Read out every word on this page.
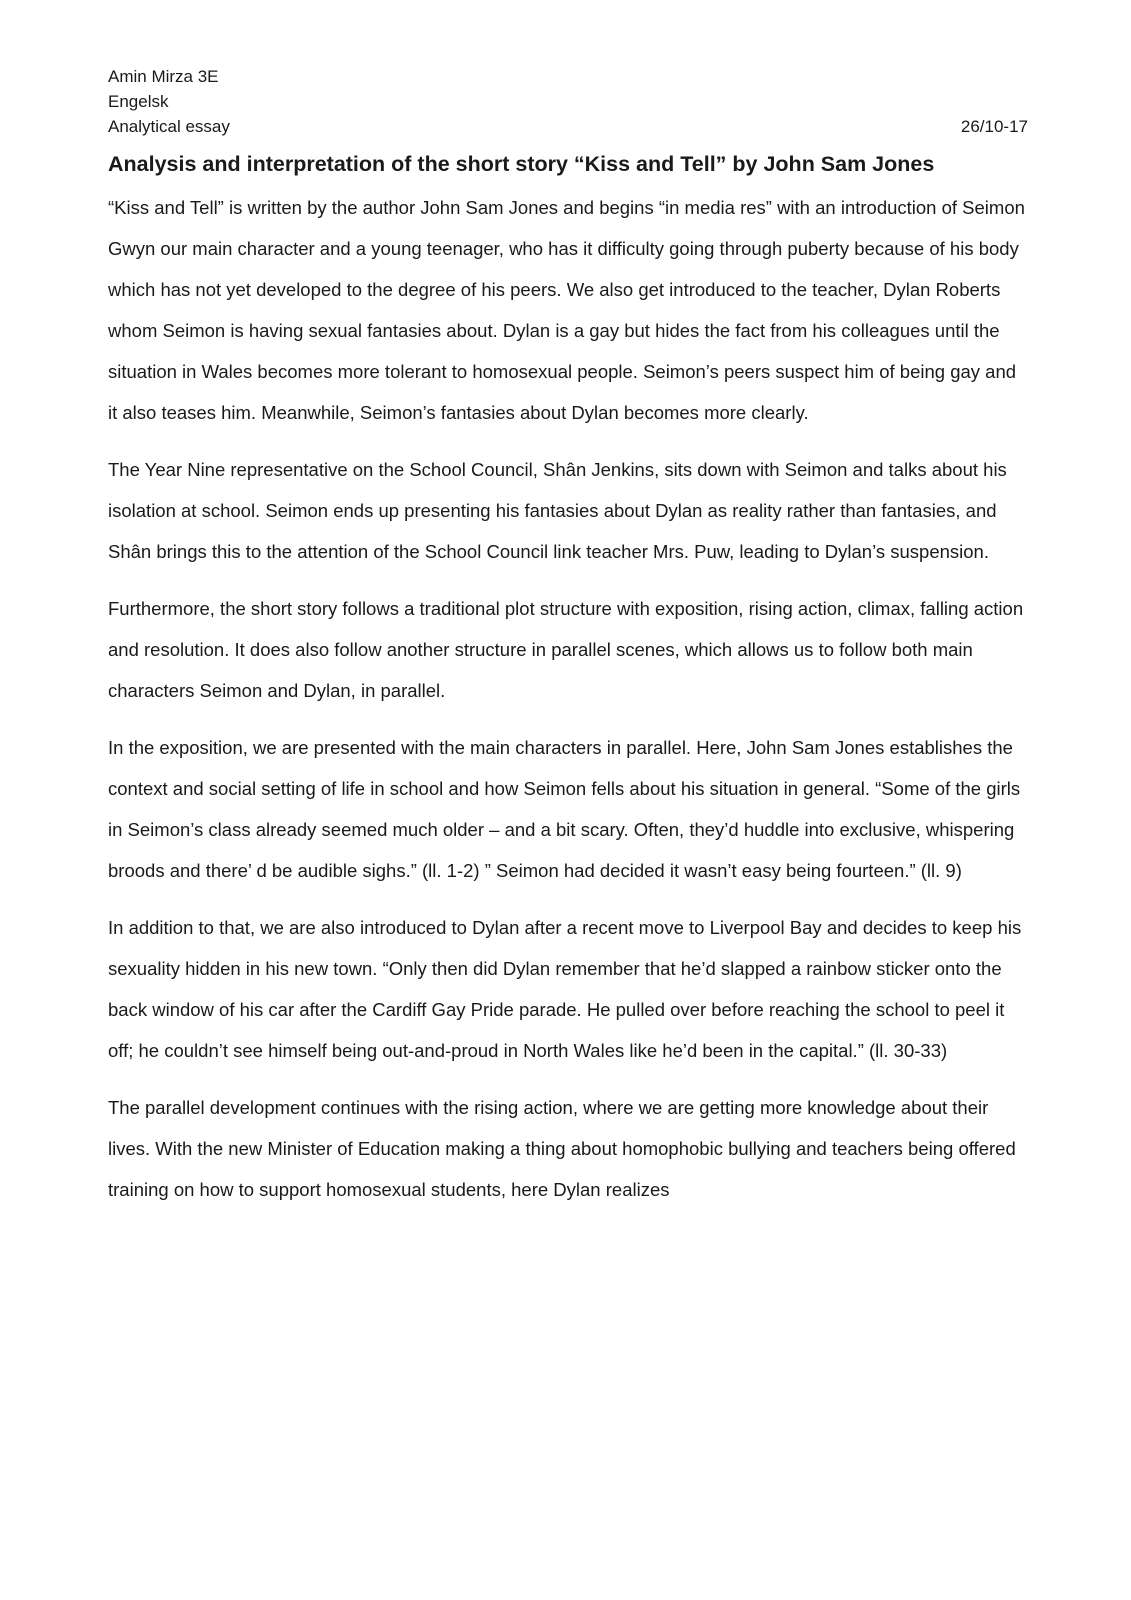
Amin Mirza 3E
Engelsk
Analytical essay	26/10-17
Analysis and interpretation of the short story “Kiss and Tell” by John Sam Jones

“Kiss and Tell” is written by the author John Sam Jones and begins “in media res” with an introduction of Seimon Gwyn our main character and a young teenager, who has it difficulty going through puberty because of his body which has not yet developed to the degree of his peers. We also get introduced to the teacher, Dylan Roberts whom Seimon is having sexual fantasies about. Dylan is a gay but hides the fact from his colleagues until the situation in Wales becomes more tolerant to homosexual people. Seimon’s peers suspect him of being gay and it also teases him. Meanwhile, Seimon’s fantasies about Dylan becomes more clearly.

The Year Nine representative on the School Council, Shân Jenkins, sits down with Seimon and talks about his isolation at school. Seimon ends up presenting his fantasies about Dylan as reality rather than fantasies, and Shân brings this to the attention of the School Council link teacher Mrs. Puw, leading to Dylan’s suspension.

Furthermore, the short story follows a traditional plot structure with exposition, rising action, climax, falling action and resolution. It does also follow another structure in parallel scenes, which allows us to follow both main characters Seimon and Dylan, in parallel.

In the exposition, we are presented with the main characters in parallel. Here, John Sam Jones establishes the context and social setting of life in school and how Seimon fells about his situation in general. “Some of the girls in Seimon’s class already seemed much older – and a bit scary. Often, they’d huddle into exclusive, whispering broods and there’ d be audible sighs.” (ll. 1-2) ” Seimon had decided it wasn’t easy being fourteen.” (ll. 9)

In addition to that, we are also introduced to Dylan after a recent move to Liverpool Bay and decides to keep his sexuality hidden in his new town. “Only then did Dylan remember that he’d slapped a rainbow sticker onto the back window of his car after the Cardiff Gay Pride parade. He pulled over before reaching the school to peel it off; he couldn’t see himself being out-and-proud in North Wales like he’d been in the capital.” (ll. 30-33)

The parallel development continues with the rising action, where we are getting more knowledge about their lives. With the new Minister of Education making a thing about homophobic bullying and teachers being offered training on how to support homosexual students, here Dylan realizes
